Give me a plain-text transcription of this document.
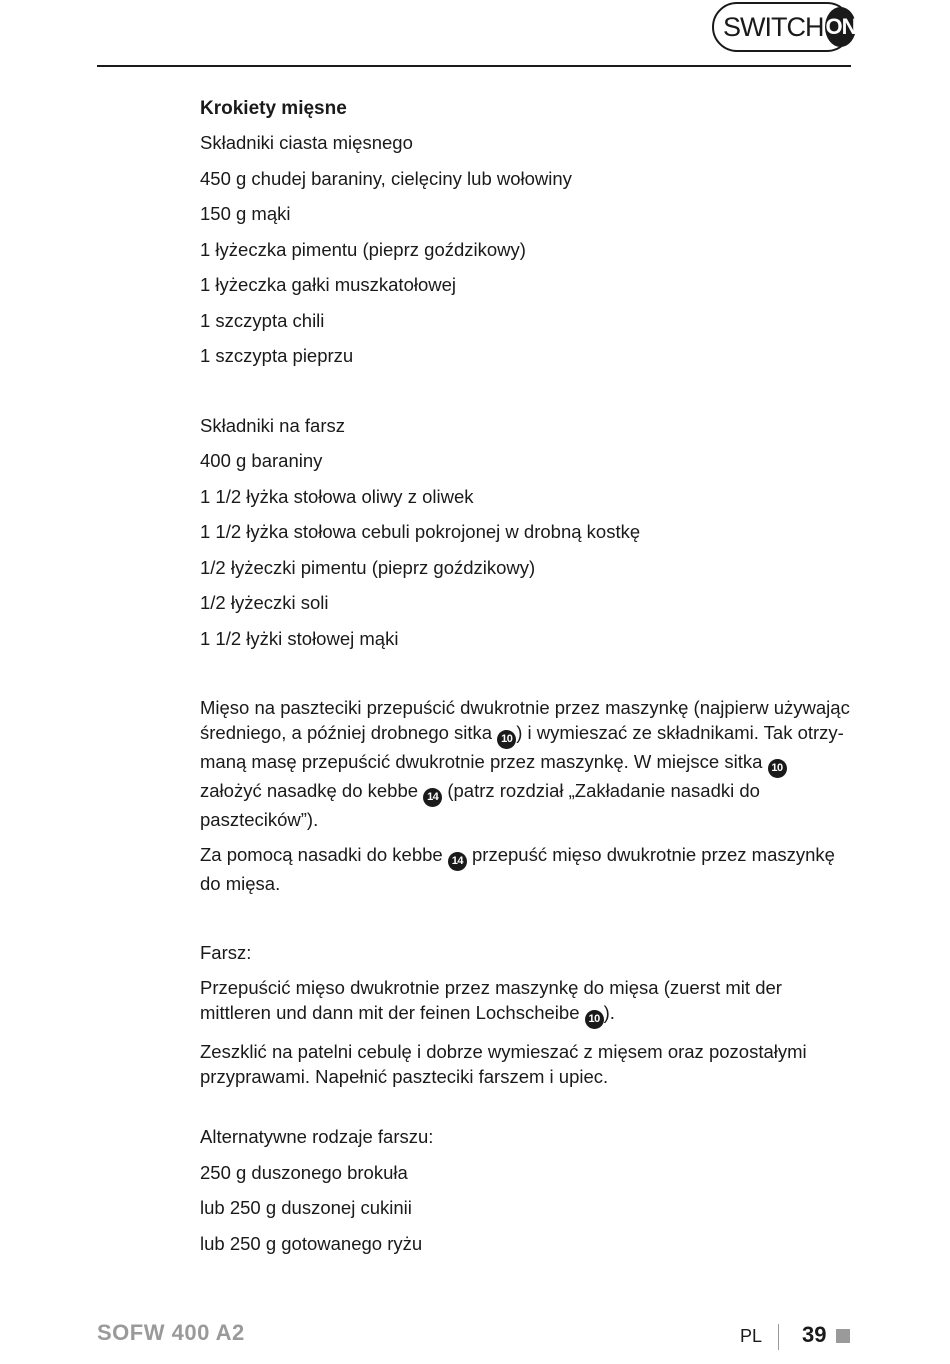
SWITCH ON
Krokiety mięsne
Składniki ciasta mięsnego
450 g chudej baraniny, cielęciny lub wołowiny
150 g mąki
1 łyżeczka pimentu (pieprz goździkowy)
1 łyżeczka gałki muszkatołowej
1 szczypta chili
1 szczypta pieprzu
Składniki na farsz
400 g baraniny
1 1/2 łyżka stołowa oliwy z oliwek
1 1/2 łyżka stołowa cebuli pokrojonej w drobną kostkę
1/2 łyżeczki pimentu (pieprz goździkowy)
1/2 łyżeczki soli
1 1/2 łyżki stołowej mąki
Mięso na paszteciki przepuścić dwukrotnie przez maszynkę (najpierw używając średniego, a później drobnego sitka 10 ) i wymieszać ze składnikami. Tak otrzy-maną masę przepuścić dwukrotnie przez maszynkę. W miejsce sitka 10 założyć nasadkę do kebbe 14 (patrz rozdział „Zakładanie nasadki do pasztecików”).
Za pomocą nasadki do kebbe 14 przepuść mięso dwukrotnie przez maszynkę do mięsa.
Farsz:
Przepuścić mięso dwukrotnie przez maszynkę do mięsa (zuerst mit der mittleren und dann mit der feinen Lochscheibe 10 ).
Zeszklić na patelni cebulę i dobrze wymieszać z mięsem oraz pozostałymi przyprawami. Napełnić paszteciki farszem i upiec.
Alternatywne rodzaje farszu:
250 g duszonego brokuła
lub 250 g duszonej cukinii
lub 250 g gotowanego ryżu
SOFW 400 A2	PL 39
